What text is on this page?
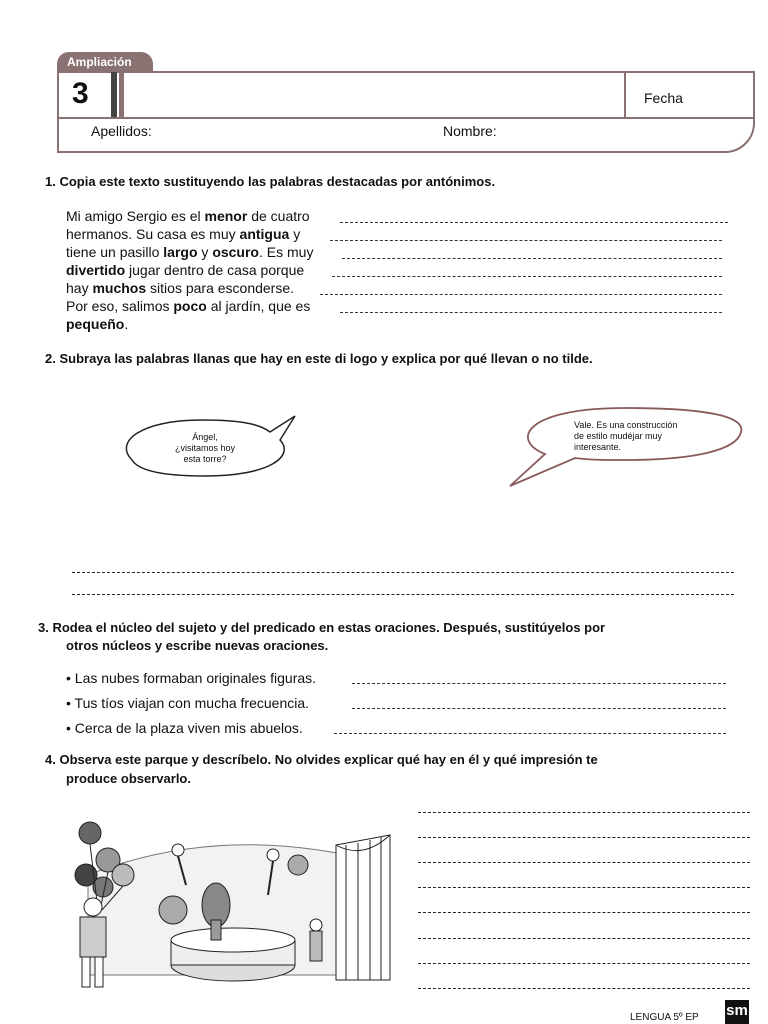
Ampliación
3	Fecha
Apellidos:	Nombre:
1. Copia este texto sustituyendo las palabras destacadas por antónimos.
Mi amigo Sergio es el menor de cuatro
hermanos. Su casa es muy antigua y
tiene un pasillo largo y oscuro. Es muy
divertido jugar dentro de casa porque
hay muchos sitios para esconderse.
Por eso, salimos poco al jardín, que es
pequeño.
2. Subraya las palabras llanas que hay en este di logo y explica por qué llevan o no tilde.
Ángel,
¿visitamos hoy
esta torre?
Vale. Es una construcción
de estilo mudéjar muy
interesante.
3. Rodea el núcleo del sujeto y del predicado en estas oraciones. Después, sustitúyelos por
otros núcleos y escribe nuevas oraciones.
• Las nubes formaban originales figuras.
• Tus tíos viajan con mucha frecuencia.
• Cerca de la plaza viven mis abuelos.
4. Observa este parque y descríbelo. No olvides explicar qué hay en él y qué impresión te
produce observarlo.
LENGUA 5º EP sm
